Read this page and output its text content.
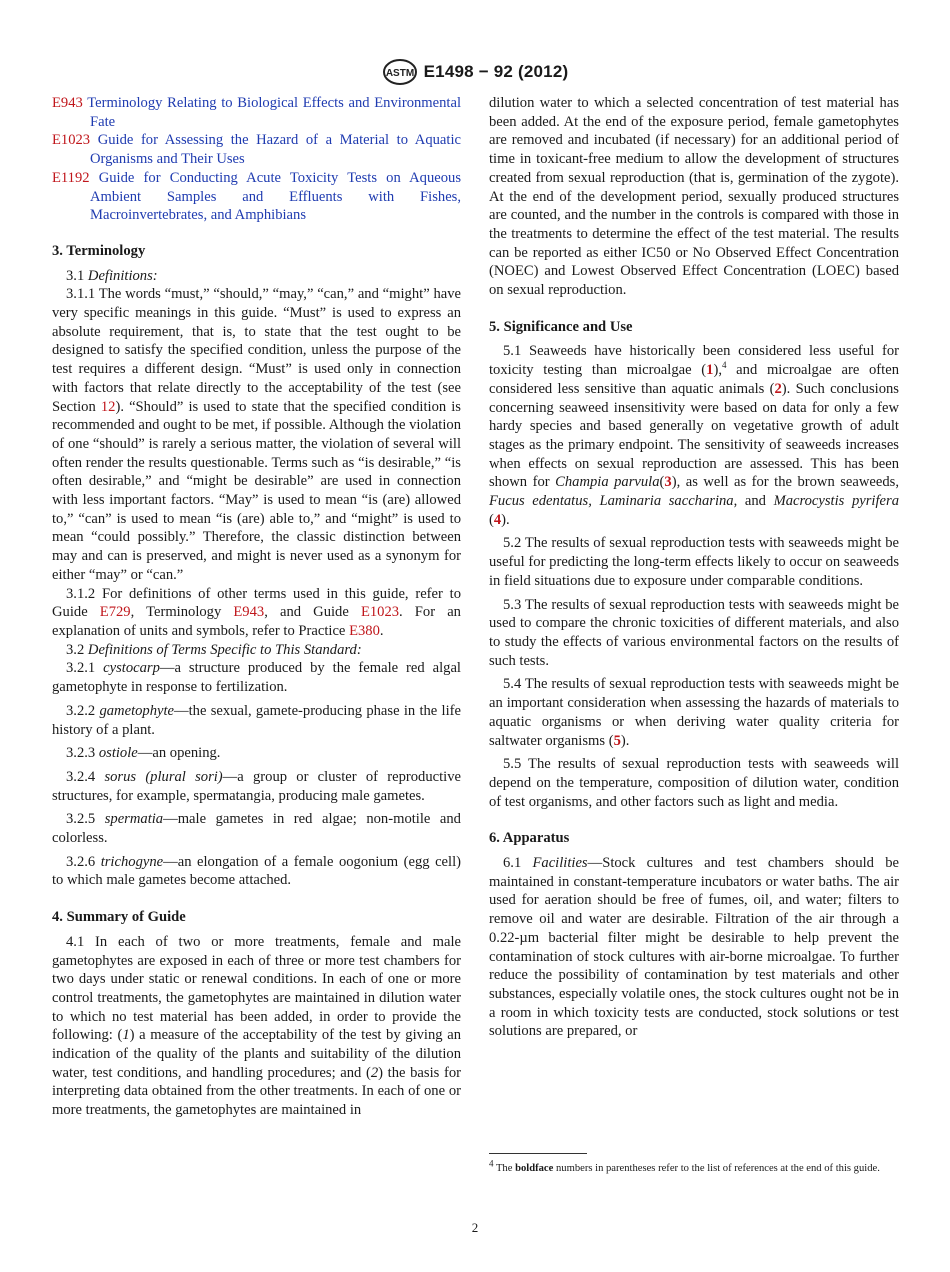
ASTM E1498 − 92 (2012)

E943 Terminology Relating to Biological Effects and Environmental Fate

E1023 Guide for Assessing the Hazard of a Material to Aquatic Organisms and Their Uses

E1192 Guide for Conducting Acute Toxicity Tests on Aqueous Ambient Samples and Effluents with Fishes, Macroinvertebrates, and Amphibians

3. Terminology

3.1 Definitions:

3.1.1 The words “must,” “should,” “may,” “can,” and “might” have very specific meanings in this guide. “Must” is used to express an absolute requirement, that is, to state that the test ought to be designed to satisfy the specified condition, unless the purpose of the test requires a different design. “Must” is used only in connection with factors that relate directly to the acceptability of the test (see Section 12). “Should” is used to state that the specified condition is recommended and ought to be met, if possible. Although the violation of one “should” is rarely a serious matter, the violation of several will often render the results questionable. Terms such as “is desirable,” “is often desirable,” and “might be desirable” are used in connection with less important factors. “May” is used to mean “is (are) allowed to,” “can” is used to mean “is (are) able to,” and “might” is used to mean “could possibly.” Therefore, the classic distinction between may and can is preserved, and might is never used as a synonym for either “may” or “can.”

3.1.2 For definitions of other terms used in this guide, refer to Guide E729, Terminology E943, and Guide E1023. For an explanation of units and symbols, refer to Practice E380.

3.2 Definitions of Terms Specific to This Standard:

3.2.1 cystocarp—a structure produced by the female red algal gametophyte in response to fertilization.

3.2.2 gametophyte—the sexual, gamete-producing phase in the life history of a plant.

3.2.3 ostiole—an opening.

3.2.4 sorus (plural sori)—a group or cluster of reproductive structures, for example, spermatangia, producing male gametes.

3.2.5 spermatia—male gametes in red algae; non-motile and colorless.

3.2.6 trichogyne—an elongation of a female oogonium (egg cell) to which male gametes become attached.

4. Summary of Guide

4.1 In each of two or more treatments, female and male gametophytes are exposed in each of three or more test chambers for two days under static or renewal conditions. In each of one or more control treatments, the gametophytes are maintained in dilution water to which no test material has been added, in order to provide the following: (1) a measure of the acceptability of the test by giving an indication of the quality of the plants and suitability of the dilution water, test conditions, and handling procedures; and (2) the basis for interpreting data obtained from the other treatments. In each of one or more treatments, the gametophytes are maintained in

dilution water to which a selected concentration of test material has been added. At the end of the exposure period, female gametophytes are removed and incubated (if necessary) for an additional period of time in toxicant-free medium to allow the development of structures created from sexual reproduction (that is, germination of the zygote). At the end of the development period, sexually produced structures are counted, and the number in the controls is compared with those in the treatments to determine the effect of the test material. The results can be reported as either IC50 or No Observed Effect Concentration (NOEC) and Lowest Observed Effect Concentration (LOEC) based on sexual reproduction.

5. Significance and Use

5.1 Seaweeds have historically been considered less useful for toxicity testing than microalgae (1),$^4$ and microalgae are often considered less sensitive than aquatic animals (2). Such conclusions concerning seaweed insensitivity were based on data for only a few hardy species and based generally on vegetative growth of adult stages as the primary endpoint. The sensitivity of seaweeds increases when effects on sexual reproduction are assessed. This has been shown for Champia parvula(3), as well as for the brown seaweeds, Fucus edentatus, Laminaria saccharina, and Macrocystis pyrifera (4).

5.2 The results of sexual reproduction tests with seaweeds might be useful for predicting the long-term effects likely to occur on seaweeds in field situations due to exposure under comparable conditions.

5.3 The results of sexual reproduction tests with seaweeds might be used to compare the chronic toxicities of different materials, and also to study the effects of various environmental factors on the results of such tests.

5.4 The results of sexual reproduction tests with seaweeds might be an important consideration when assessing the hazards of materials to aquatic organisms or when deriving water quality criteria for saltwater organisms (5).

5.5 The results of sexual reproduction tests with seaweeds will depend on the temperature, composition of dilution water, condition of test organisms, and other factors such as light and media.

6. Apparatus

6.1 Facilities—Stock cultures and test chambers should be maintained in constant-temperature incubators or water baths. The air used for aeration should be free of fumes, oil, and water; filters to remove oil and water are desirable. Filtration of the air through a 0.22-µm bacterial filter might be desirable to help prevent the contamination of stock cultures with air-borne microalgae. To further reduce the possibility of contamination by test materials and other substances, especially volatile ones, the stock cultures ought not be in a room in which toxicity tests are conducted, stock solutions or test solutions are prepared, or

$^4$ The boldface numbers in parentheses refer to the list of references at the end of this guide.
2
